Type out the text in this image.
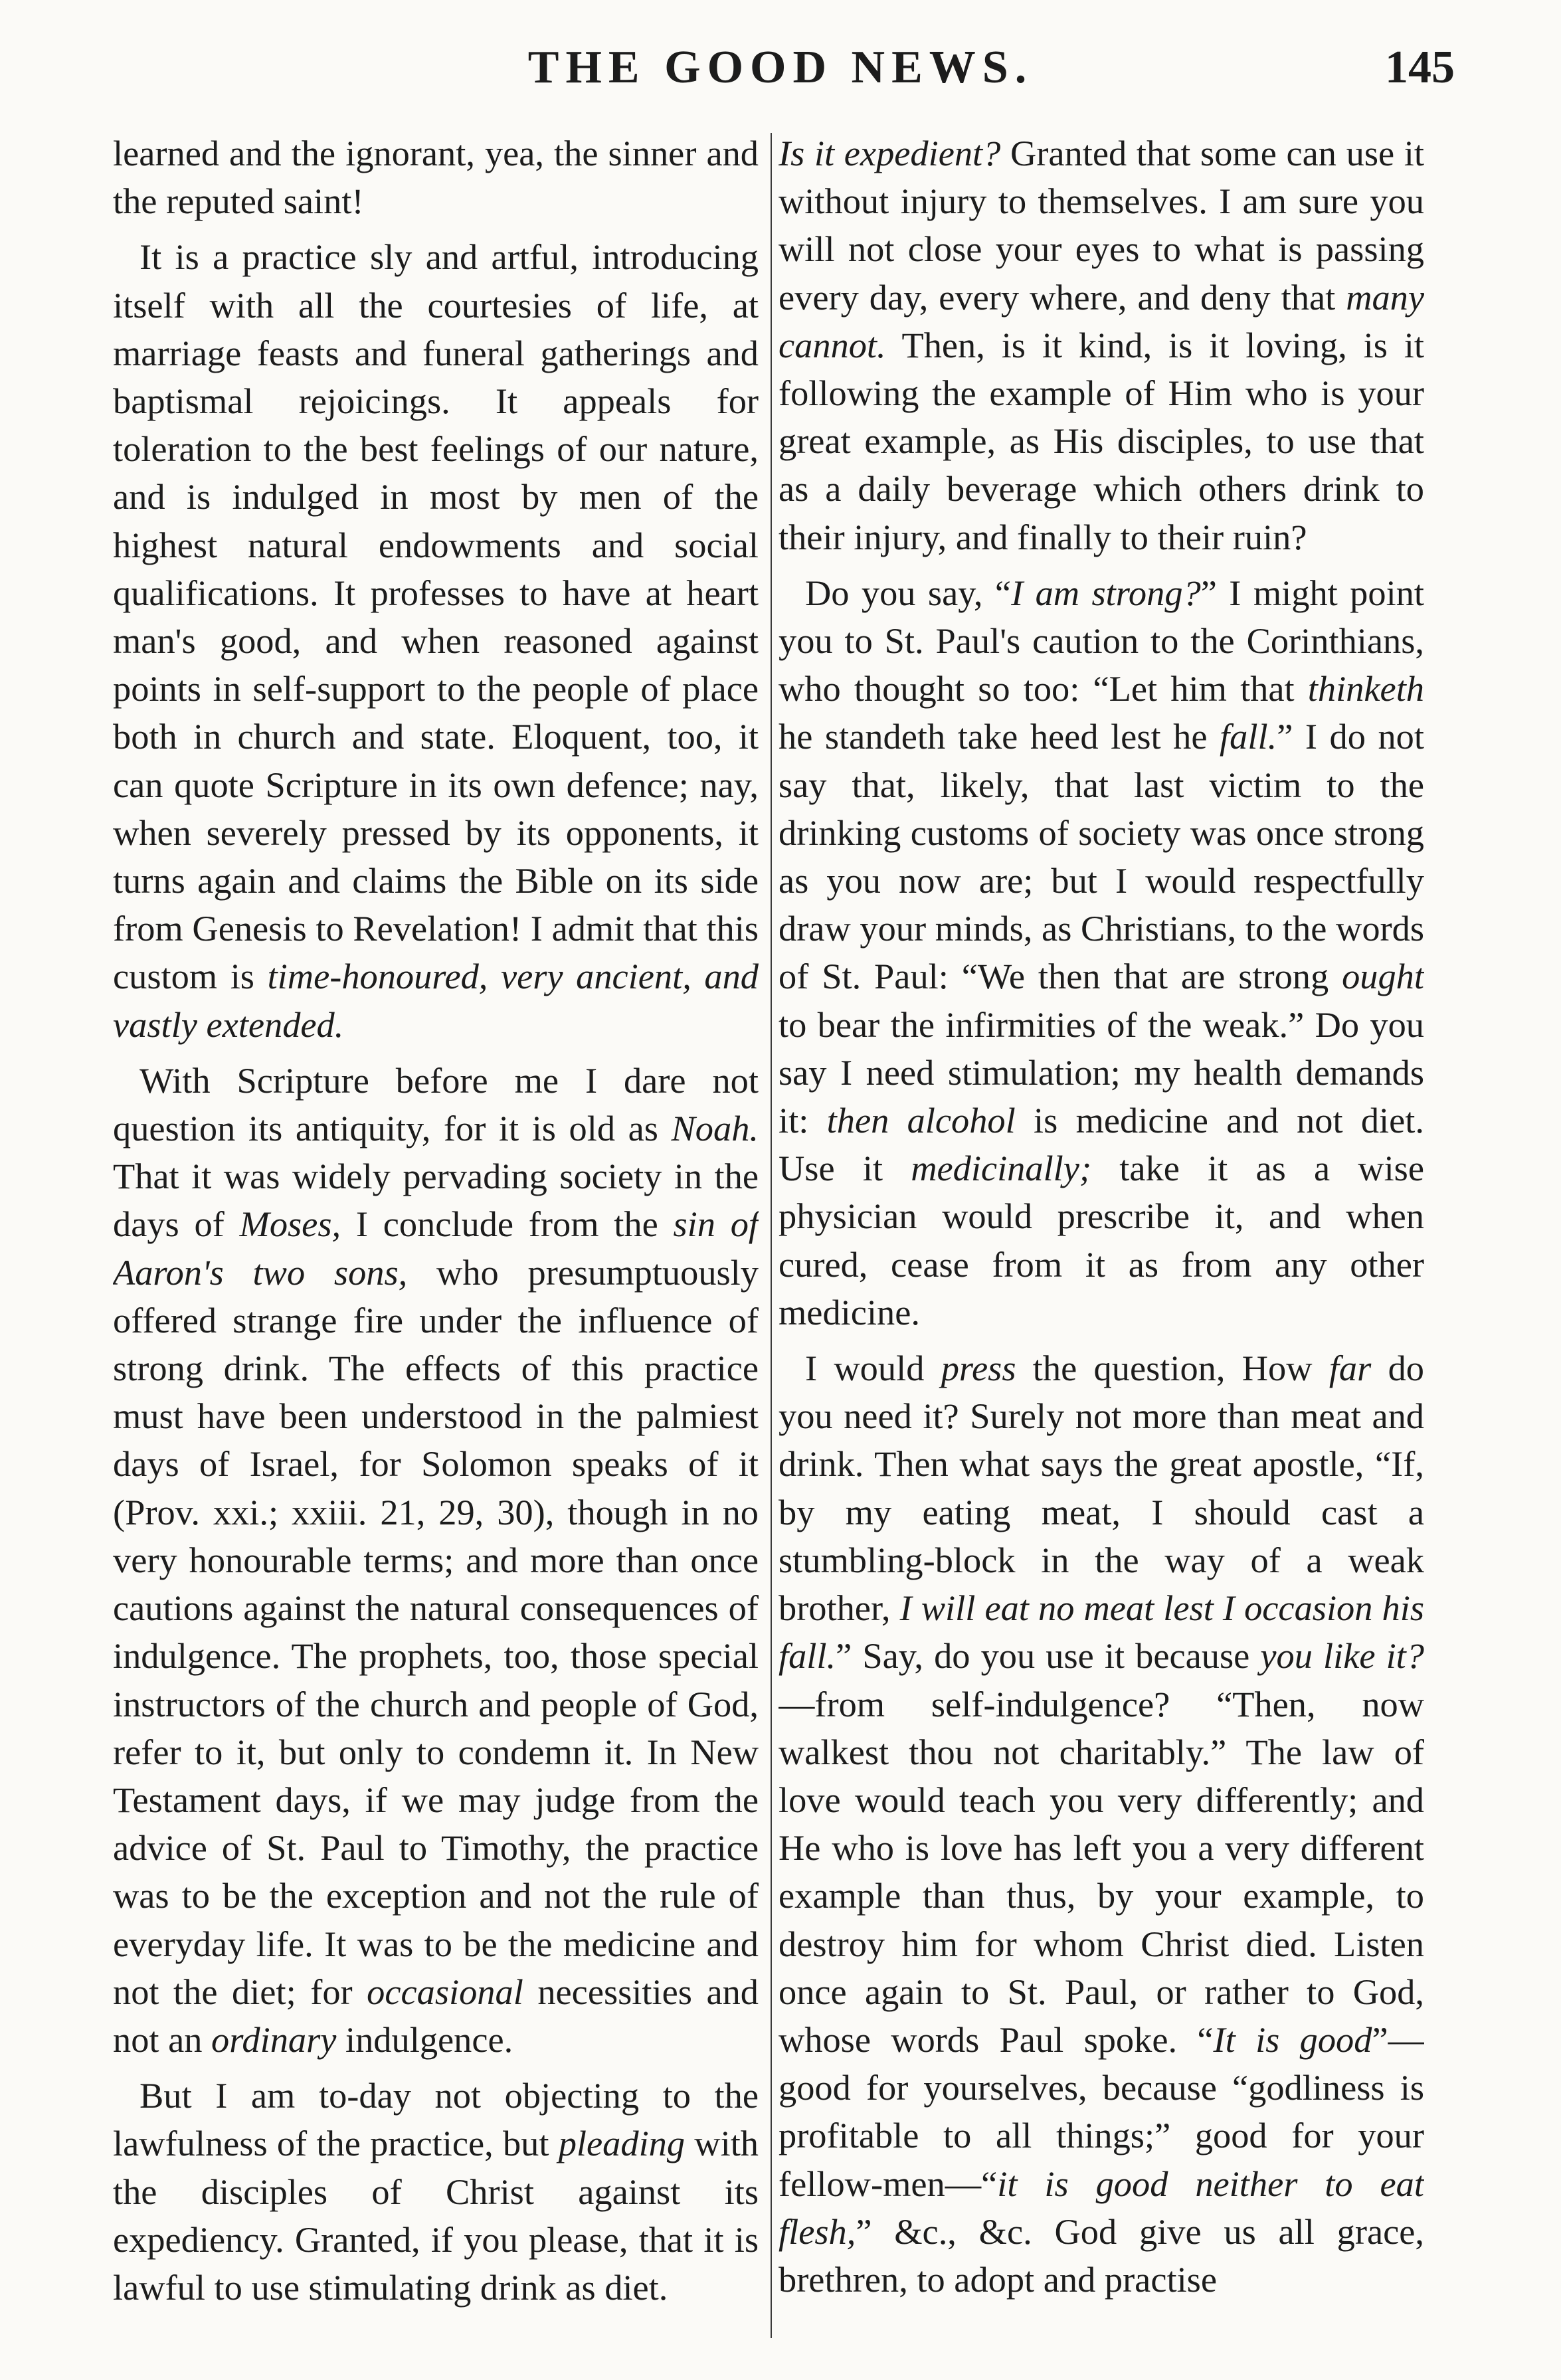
THE GOOD NEWS.	145

learned and the ignorant, yea, the sinner and the reputed saint!

It is a practice sly and artful, introducing itself with all the courtesies of life, at marriage feasts and funeral gatherings and baptismal rejoicings. It appeals for toleration to the best feelings of our nature, and is indulged in most by men of the highest natural endowments and social qualifications. It professes to have at heart man's good, and when reasoned against points in self-support to the people of place both in church and state. Eloquent, too, it can quote Scripture in its own defence; nay, when severely pressed by its opponents, it turns again and claims the Bible on its side from Genesis to Revelation! I admit that this custom is time-honoured, very ancient, and vastly extended.

With Scripture before me I dare not question its antiquity, for it is old as Noah. That it was widely pervading society in the days of Moses, I conclude from the sin of Aaron's two sons, who presumptuously offered strange fire under the influence of strong drink. The effects of this practice must have been understood in the palmiest days of Israel, for Solomon speaks of it (Prov. xxi.; xxiii. 21, 29, 30), though in no very honourable terms; and more than once cautions against the natural consequences of indulgence. The prophets, too, those special instructors of the church and people of God, refer to it, but only to condemn it. In New Testament days, if we may judge from the advice of St. Paul to Timothy, the practice was to be the exception and not the rule of everyday life. It was to be the medicine and not the diet; for occasional necessities and not an ordinary indulgence.

But I am to-day not objecting to the lawfulness of the practice, but pleading with the disciples of Christ against its expediency. Granted, if you please, that it is lawful to use stimulating drink as diet.

Is it expedient? Granted that some can use it without injury to themselves. I am sure you will not close your eyes to what is passing every day, every where, and deny that many cannot. Then, is it kind, is it loving, is it following the example of Him who is your great example, as His disciples, to use that as a daily beverage which others drink to their injury, and finally to their ruin?

Do you say, “I am strong?” I might point you to St. Paul's caution to the Corinthians, who thought so too: “Let him that thinketh he standeth take heed lest he fall.” I do not say that, likely, that last victim to the drinking customs of society was once strong as you now are; but I would respectfully draw your minds, as Christians, to the words of St. Paul: “We then that are strong ought to bear the infirmities of the weak.” Do you say I need stimulation; my health demands it: then alcohol is medicine and not diet. Use it medicinally; take it as a wise physician would prescribe it, and when cured, cease from it as from any other medicine.

I would press the question, How far do you need it? Surely not more than meat and drink. Then what says the great apostle, “If, by my eating meat, I should cast a stumbling-block in the way of a weak brother, I will eat no meat lest I occasion his fall.” Say, do you use it because you like it?—from self-indulgence? “Then, now walkest thou not charitably.” The law of love would teach you very differently; and He who is love has left you a very different example than thus, by your example, to destroy him for whom Christ died. Listen once again to St. Paul, or rather to God, whose words Paul spoke. “It is good”—good for yourselves, because “godliness is profitable to all things;” good for your fellow-men—“it is good neither to eat flesh,” &c., &c. God give us all grace, brethren, to adopt and practise
